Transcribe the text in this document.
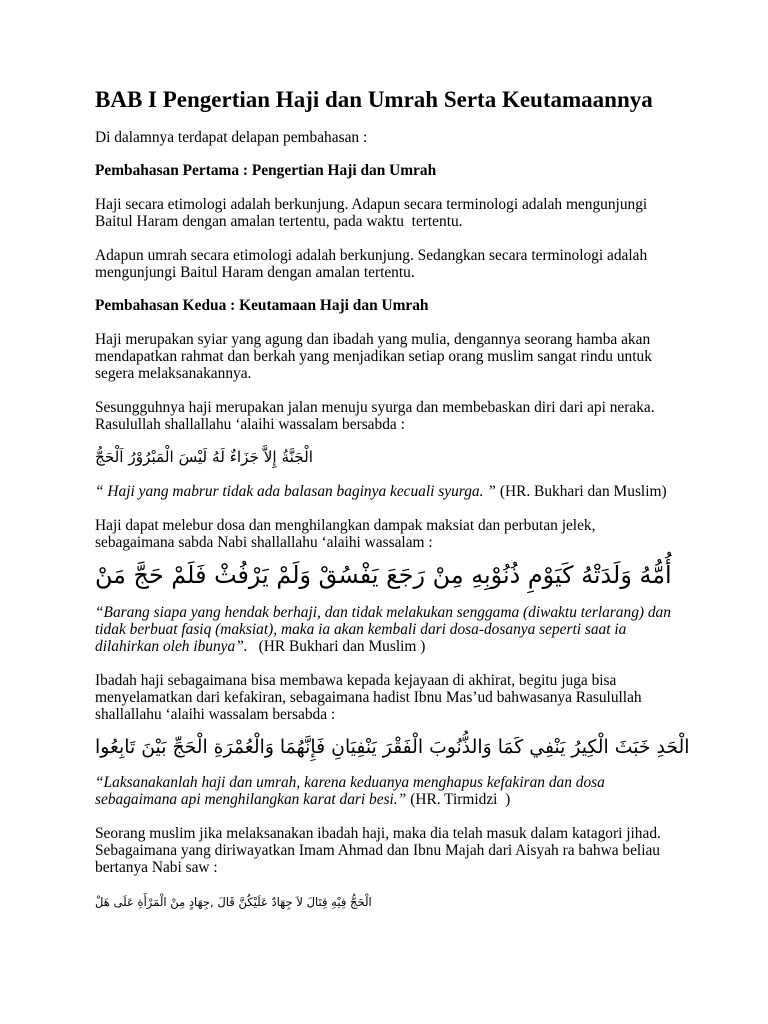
BAB I Pengertian Haji dan Umrah Serta Keutamaannya

Di dalamnya terdapat delapan pembahasan :

Pembahasan Pertama : Pengertian Haji dan Umrah

Haji secara etimologi adalah berkunjung. Adapun secara terminologi adalah mengunjungi
Baitul Haram dengan amalan tertentu, pada waktu  tertentu.

Adapun umrah secara etimologi adalah berkunjung. Sedangkan secara terminologi adalah
mengunjungi Baitul Haram dengan amalan tertentu.

Pembahasan Kedua : Keutamaan Haji dan Umrah

Haji merupakan syiar yang agung dan ibadah yang mulia, dengannya seorang hamba akan
mendapatkan rahmat dan berkah yang menjadikan setiap orang muslim sangat rindu untuk
segera melaksanakannya.

Sesungguhnya haji merupakan jalan menuju syurga dan membebaskan diri dari api neraka.
Rasulullah shallallahu ‘alaihi wassalam bersabda :

اَلْحَجُّ الْمَبْرُوْرُ لَيْسَ لَهُ جَزَاءٌ إِلاَّ الْجَنَّةُ

“ Haji yang mabrur tidak ada balasan baginya kecuali syurga. ” (HR. Bukhari dan Muslim)

Haji dapat melebur dosa dan menghilangkan dampak maksiat dan perbutan jelek,
sebagaimana sabda Nabi shallallahu ‘alaihi wassalam :

مَنْ حَجَّ فَلَمْ يَرْفُثْ وَلَمْ يَفْسُقْ رَجَعَ مِنْ ذُنُوْبِهِ كَيَوْمِ وَلَدَتْهُ أُمُّهُ

“Barang siapa yang hendak berhaji, dan tidak melakukan senggama (diwaktu terlarang) dan
tidak berbuat fasiq (maksiat), maka ia akan kembali dari dosa-dosanya seperti saat ia
dilahirkan oleh ibunya”. (HR Bukhari dan Muslim )

Ibadah haji sebagaimana bisa membawa kepada kejayaan di akhirat, begitu juga bisa
menyelamatkan dari kefakiran, sebagaimana hadist Ibnu Mas’ud bahwasanya Rasulullah
shallallahu ‘alaihi wassalam bersabda :

تَابِعُوا بَيْنَ الْحَجِّ وَالْعُمْرَةِ فَإِنَّهُمَا يَنْفِيَانِ الْفَقْرَ وَالذُّنُوبَ كَمَا يَنْفِي الْكِيرُ خَبَثَ الْحَدِ

“Laksanakanlah haji dan umrah, karena keduanya menghapus kefakiran dan dosa
sebagaimana api menghilangkan karat dari besi.” (HR. Tirmidzi  )

Seorang muslim jika melaksanakan ibadah haji, maka dia telah masuk dalam katagori jihad.
Sebagaimana yang diriwayatkan Imam Ahmad dan Ibnu Majah dari Aisyah ra bahwa beliau
bertanya Nabi saw :

هَلْ عَلَى الْمَرْأَةِ مِنْ جِهَادٍ, قَالَ عَلَيْكُنَّ جِهَادٌ لاَ قِتَالَ فِيْهِ الْحَجُّ
